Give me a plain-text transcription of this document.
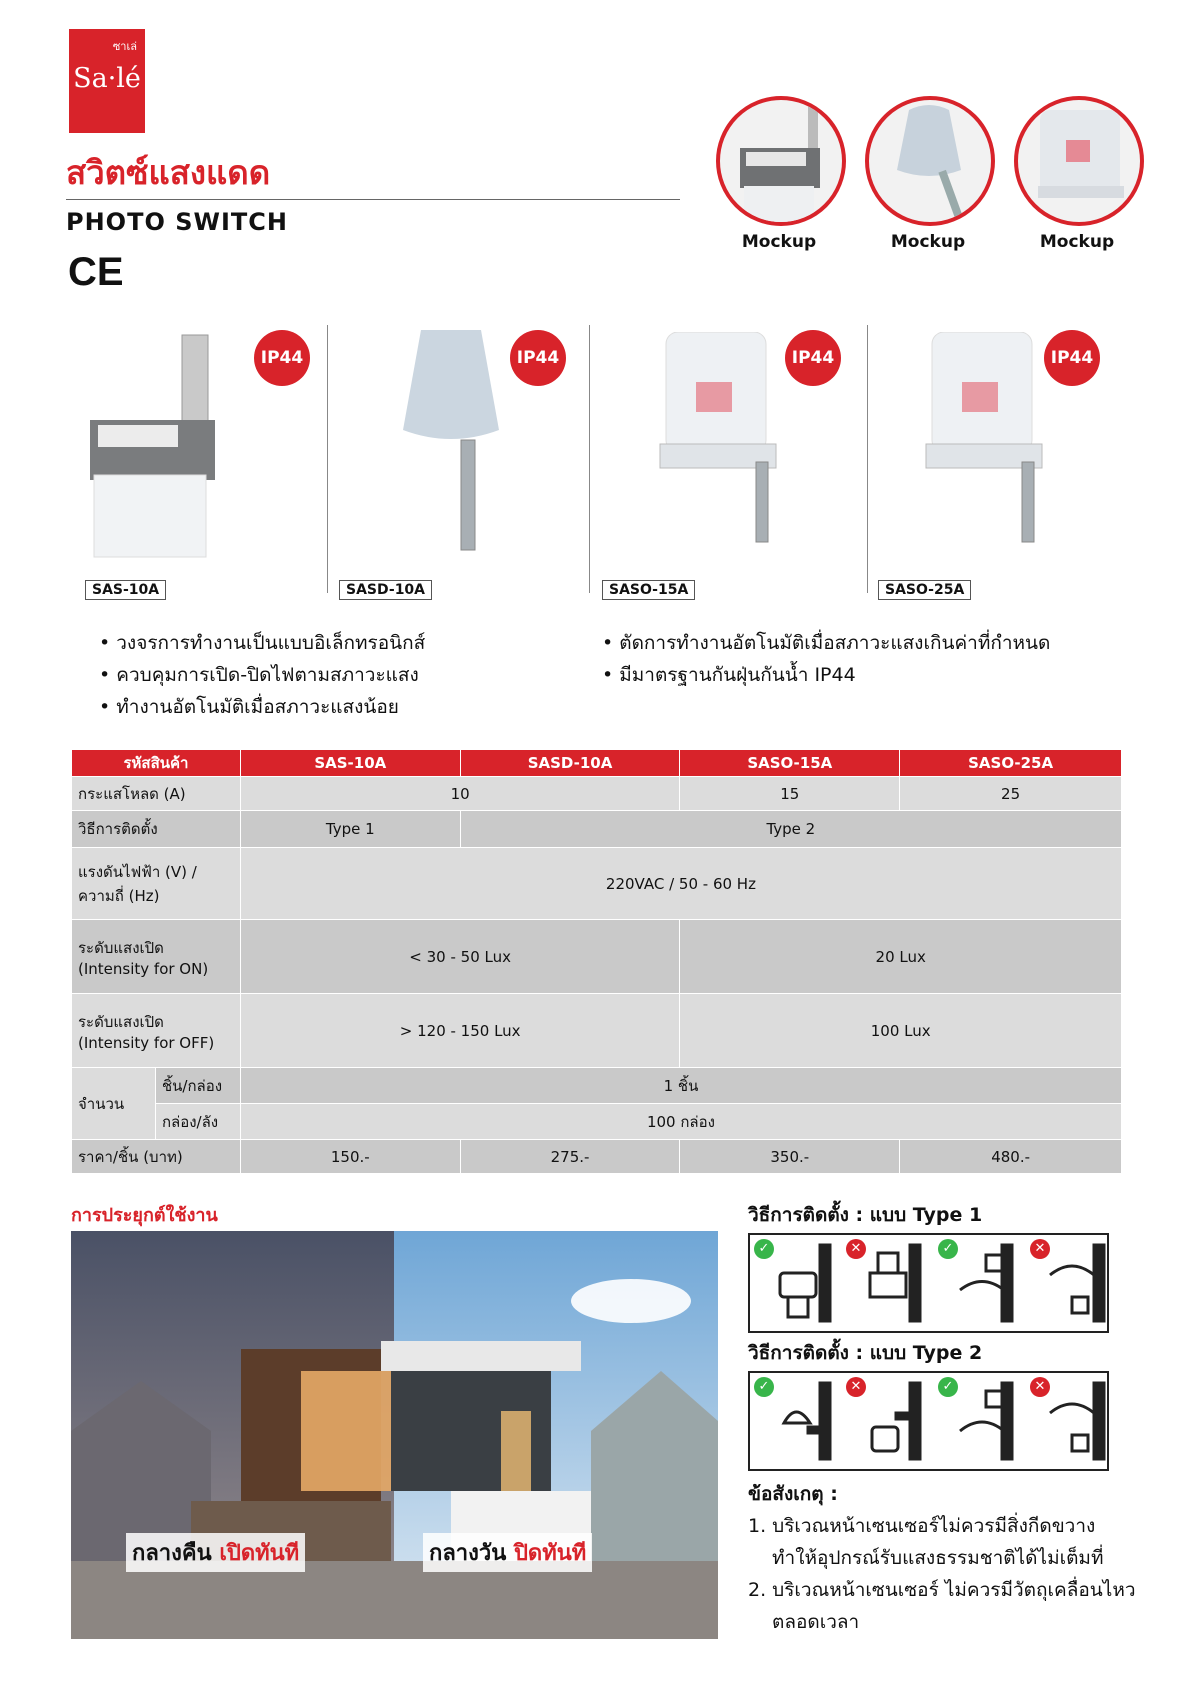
ซาเล่
Sa·lé
สวิตซ์แสงแดด
PHOTO SWITCH
CE
Mockup	Mockup	Mockup
IP44
SAS-10A
IP44
SASD-10A
IP44
SASO-15A
IP44
SASO-25A
• วงจรการทำงานเป็นแบบอิเล็กทรอนิกส์
• ควบคุมการเปิด-ปิดไฟตามสภาวะแสง
• ทำงานอัตโนมัติเมื่อสภาวะแสงน้อย
• ตัดการทำงานอัตโนมัติเมื่อสภาวะแสงเกินค่าที่กำหนด
• มีมาตรฐานกันฝุ่นกันน้ำ IP44
รหัสสินค้า		SAS-10A	SASD-10A	SASO-15A	SASO-25A
กระแสโหลด (A)		10		15	25
วิธีการติดตั้ง		Type 1	Type 2		

แรงดันไฟฟ้า (V) /
ความถี่ (Hz)		220VAC / 50 - 60 Hz			

ระดับแสงเปิด
(Intensity for ON)		< 30 - 50 Lux		20 Lux	

ระดับแสงเปิด
(Intensity for OFF)		> 120 - 150 Lux		100 Lux	
จำนวน	ชิ้น/กล่อง	1 ชิ้น			
	กล่อง/ลัง	100 กล่อง			
ราคา/ชิ้น (บาท)		150.-	275.-	350.-	480.-
การประยุกต์ใช้งาน
กลางคืน เปิดทันที	กลางวัน ปิดทันที
วิธีการติดตั้ง : แบบ Type 1
✓	✕	✓	✕
วิธีการติดตั้ง : แบบ Type 2
✓	✕	✓	✕
ข้อสังเกตุ :
1. บริเวณหน้าเซนเซอร์ไม่ควรมีสิ่งกีดขวาง
ทำให้อุปกรณ์รับแสงธรรมชาติได้ไม่เต็มที่
2. บริเวณหน้าเซนเซอร์ ไม่ควรมีวัตถุเคลื่อนไหว
ตลอดเวลา
